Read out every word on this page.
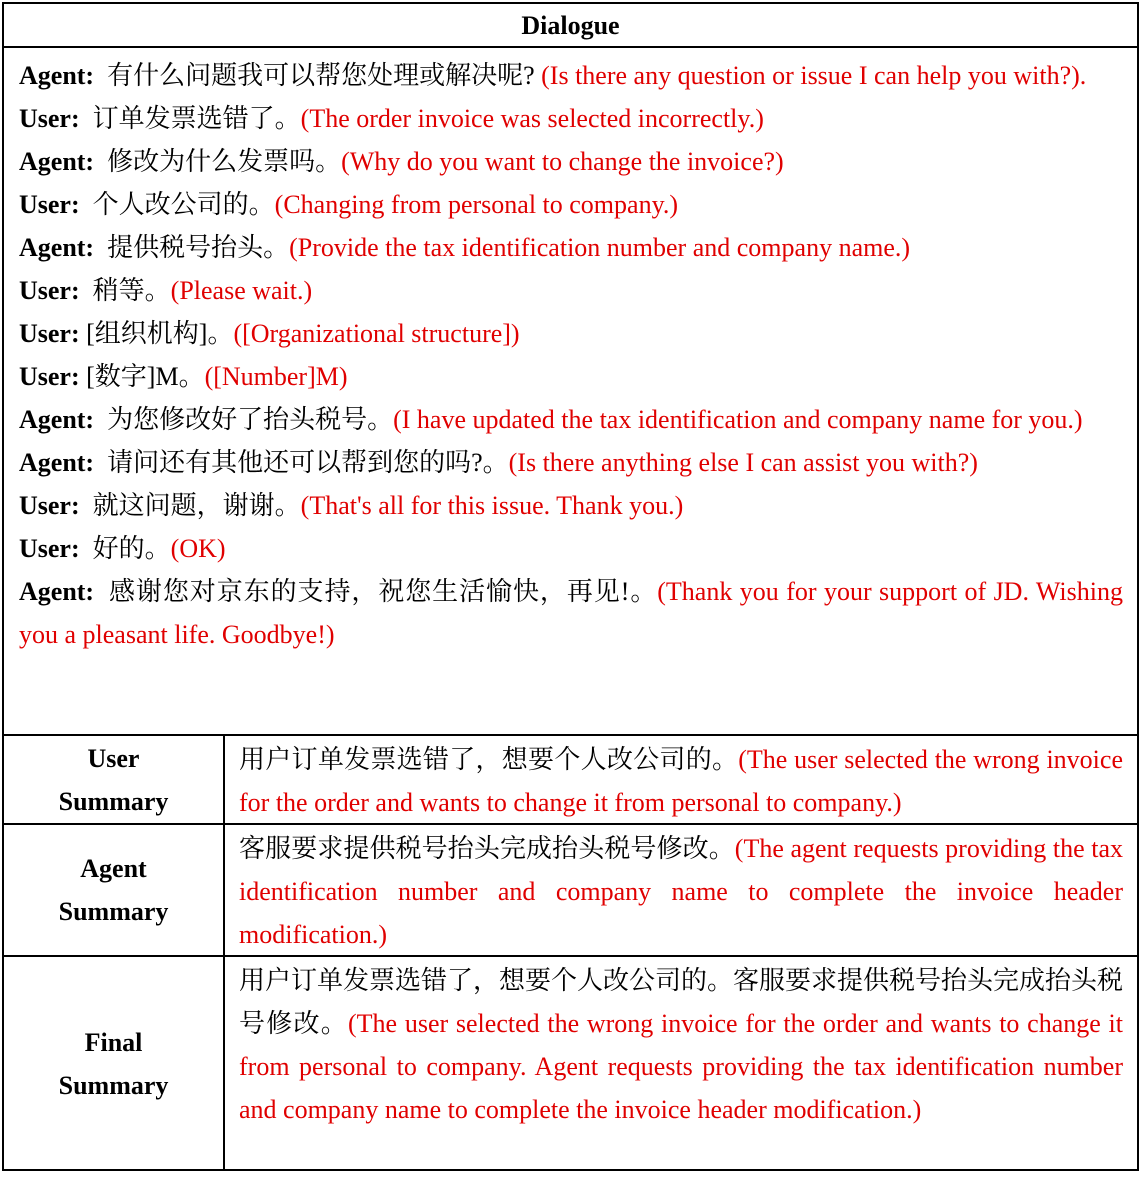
Dialogue
Agent: 有什么问题我可以帮您处理或解决呢? (Is there any question or issue I can help you with?).
User: 订单发票选错了。(The order invoice was selected incorrectly.)
Agent: 修改为什么发票吗。(Why do you want to change the invoice?)
User: 个人改公司的。(Changing from personal to company.)
Agent: 提供税号抬头。(Provide the tax identification number and company name.)
User: 稍等。(Please wait.)
User: [组织机构]。([Organizational structure])
User: [数字]M。([Number]M)
Agent: 为您修改好了抬头税号。(I have updated the tax identification and company name for you.)
Agent: 请问还有其他还可以帮到您的吗?。(Is there anything else I can assist you with?)
User: 就这问题，谢谢。(That's all for this issue. Thank you.)
User: 好的。(OK)
Agent: 感谢您对京东的支持，祝您生活愉快，再见!。(Thank you for your support of JD. Wishing you a pleasant life. Goodbye!)
User
Summary
用户订单发票选错了，想要个人改公司的。(The user selected the wrong invoice for the order and wants to change it from personal to company.)
Agent
Summary
客服要求提供税号抬头完成抬头税号修改。(The agent requests providing the tax identification number and company name to complete the invoice header modification.)
Final
Summary
用户订单发票选错了，想要个人改公司的。客服要求提供税号抬头完成抬头税号修改。(The user selected the wrong invoice for the order and wants to change it from personal to company. Agent requests providing the tax identification number and company name to complete the invoice header modification.)
